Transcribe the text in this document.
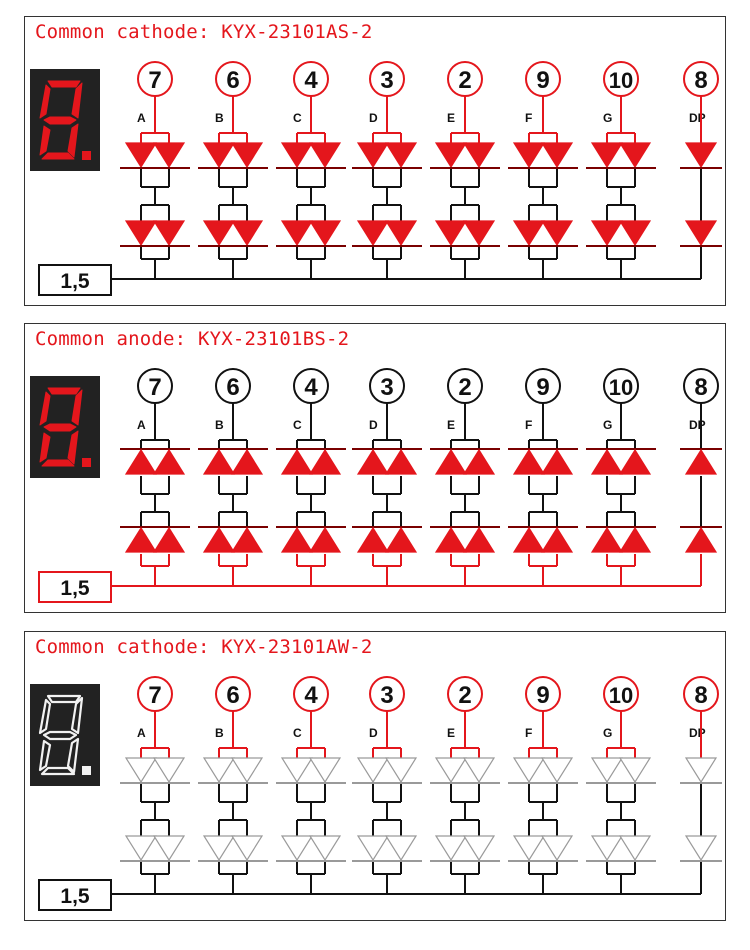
Common cathode: KYX-23101AS-2
7
A
6
B
4
C
3
D
2
E
9
F
10
G
8
DP
1,5
Common anode: KYX-23101BS-2
7
A
6
B
4
C
3
D
2
E
9
F
10
G
8
DP
1,5
Common cathode: KYX-23101AW-2
7
A
6
B
4
C
3
D
2
E
9
F
10
G
8
DP
1,5
